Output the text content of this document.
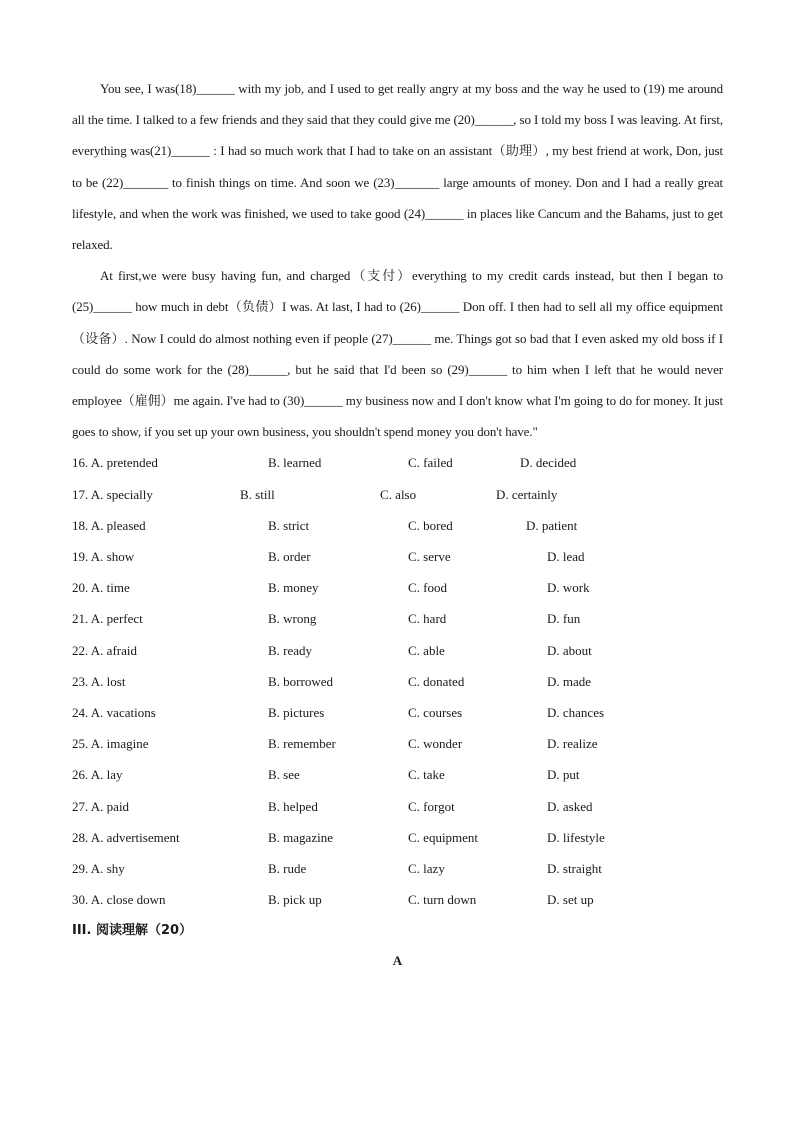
You see, I was(18)______ with my job, and I used to get really angry at my boss and the way he used to (19) me around all the time. I talked to a few friends and they said that they could give me (20)______, so I told my boss I was leaving. At first, everything was(21)______ : I had so much work that I had to take on an assistant（助理）, my best friend at work, Don, just to be (22)_______ to finish things on time. And soon we (23)_______ large amounts of money. Don and I had a really great lifestyle, and when the work was finished, we used to take good (24)______ in places like Cancum and the Bahams, just to get relaxed.

At first,we were busy having fun, and charged（支付）everything to my credit cards instead, but then I began to (25)______ how much in debt（负债）I was. At last, I had to (26)______ Don off. I then had to sell all my office equipment（设备）. Now I could do almost nothing even if people (27)______ me. Things got so bad that I even asked my old boss if I could do some work for the (28)______, but he said that I'd been so (29)______ to him when I left that he would never employee（雇佣）me again. I've had to (30)______ my business now and I don't know what I'm going to do for money. It just goes to show, if you set up your own business, you shouldn't spend money you don't have."

16. A. pretended	B. learned	C. failed	D. decided
17. A. specially	B. still	C. also	D. certainly
18. A. pleased	B. strict	C. bored	D. patient
19. A. show	B. order	C. serve	D. lead
20. A. time	B. money	C. food	D. work
21. A. perfect	B. wrong	C. hard	D. fun
22. A. afraid	B. ready	C. able	D. about
23. A. lost	B. borrowed	C. donated	D. made
24. A. vacations	B. pictures	C. courses	D. chances
25. A. imagine	B. remember	C. wonder	D. realize
26. A. lay	B. see	C. take	D. put
27. A. paid	B. helped	C. forgot	D. asked
28. A. advertisement	B. magazine	C. equipment	D. lifestyle
29. A. shy	B. rude	C. lazy	D. straight
30. A. close down	B. pick up	C. turn down	D. set up
III. 阅读理解（20）
A
